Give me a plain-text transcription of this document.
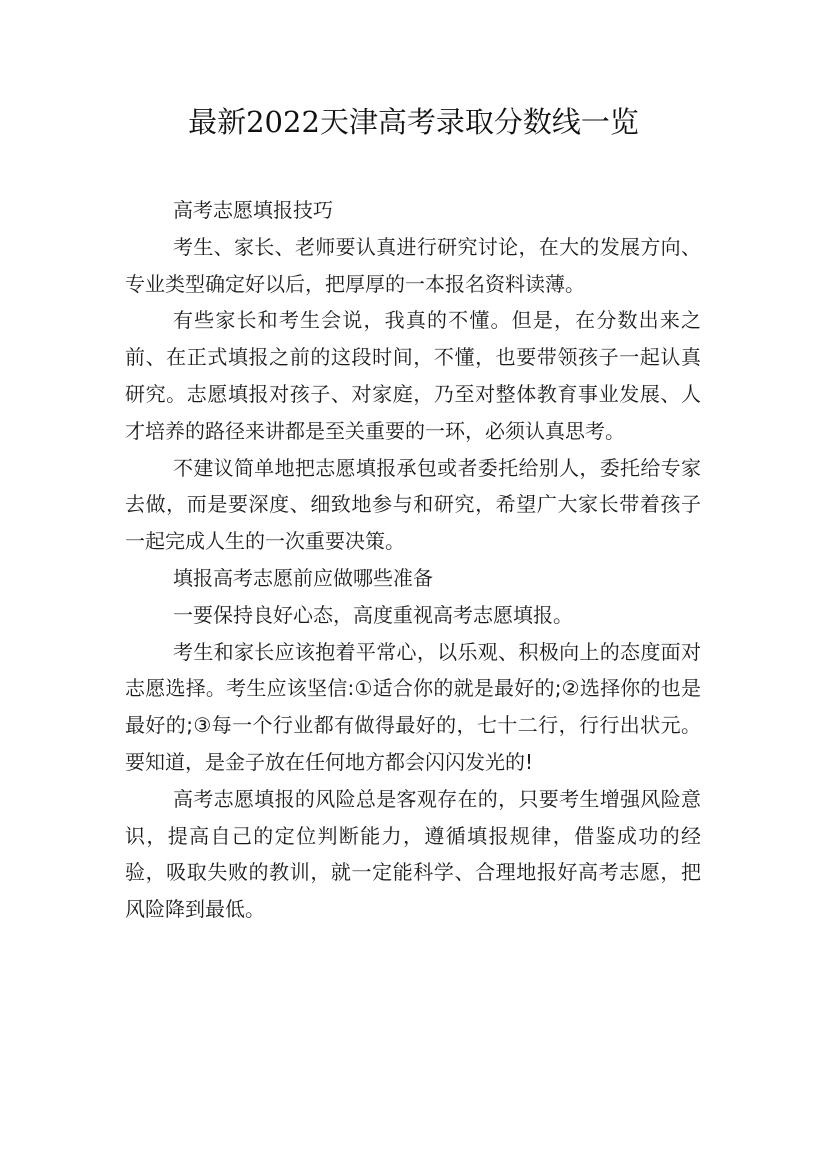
最新2022天津高考录取分数线一览

高考志愿填报技巧

考生、家长、老师要认真进行研究讨论，在大的发展方向、专业类型确定好以后，把厚厚的一本报名资料读薄。

有些家长和考生会说，我真的不懂。但是，在分数出来之前、在正式填报之前的这段时间，不懂，也要带领孩子一起认真研究。志愿填报对孩子、对家庭，乃至对整体教育事业发展、人才培养的路径来讲都是至关重要的一环，必须认真思考。

不建议简单地把志愿填报承包或者委托给别人，委托给专家去做，而是要深度、细致地参与和研究，希望广大家长带着孩子一起完成人生的一次重要决策。

填报高考志愿前应做哪些准备

一要保持良好心态，高度重视高考志愿填报。

考生和家长应该抱着平常心，以乐观、积极向上的态度面对志愿选择。考生应该坚信:①适合你的就是最好的;②选择你的也是最好的;③每一个行业都有做得最好的，七十二行，行行出状元。要知道，是金子放在任何地方都会闪闪发光的!

高考志愿填报的风险总是客观存在的，只要考生增强风险意识，提高自己的定位判断能力，遵循填报规律，借鉴成功的经验，吸取失败的教训，就一定能科学、合理地报好高考志愿，把风险降到最低。
